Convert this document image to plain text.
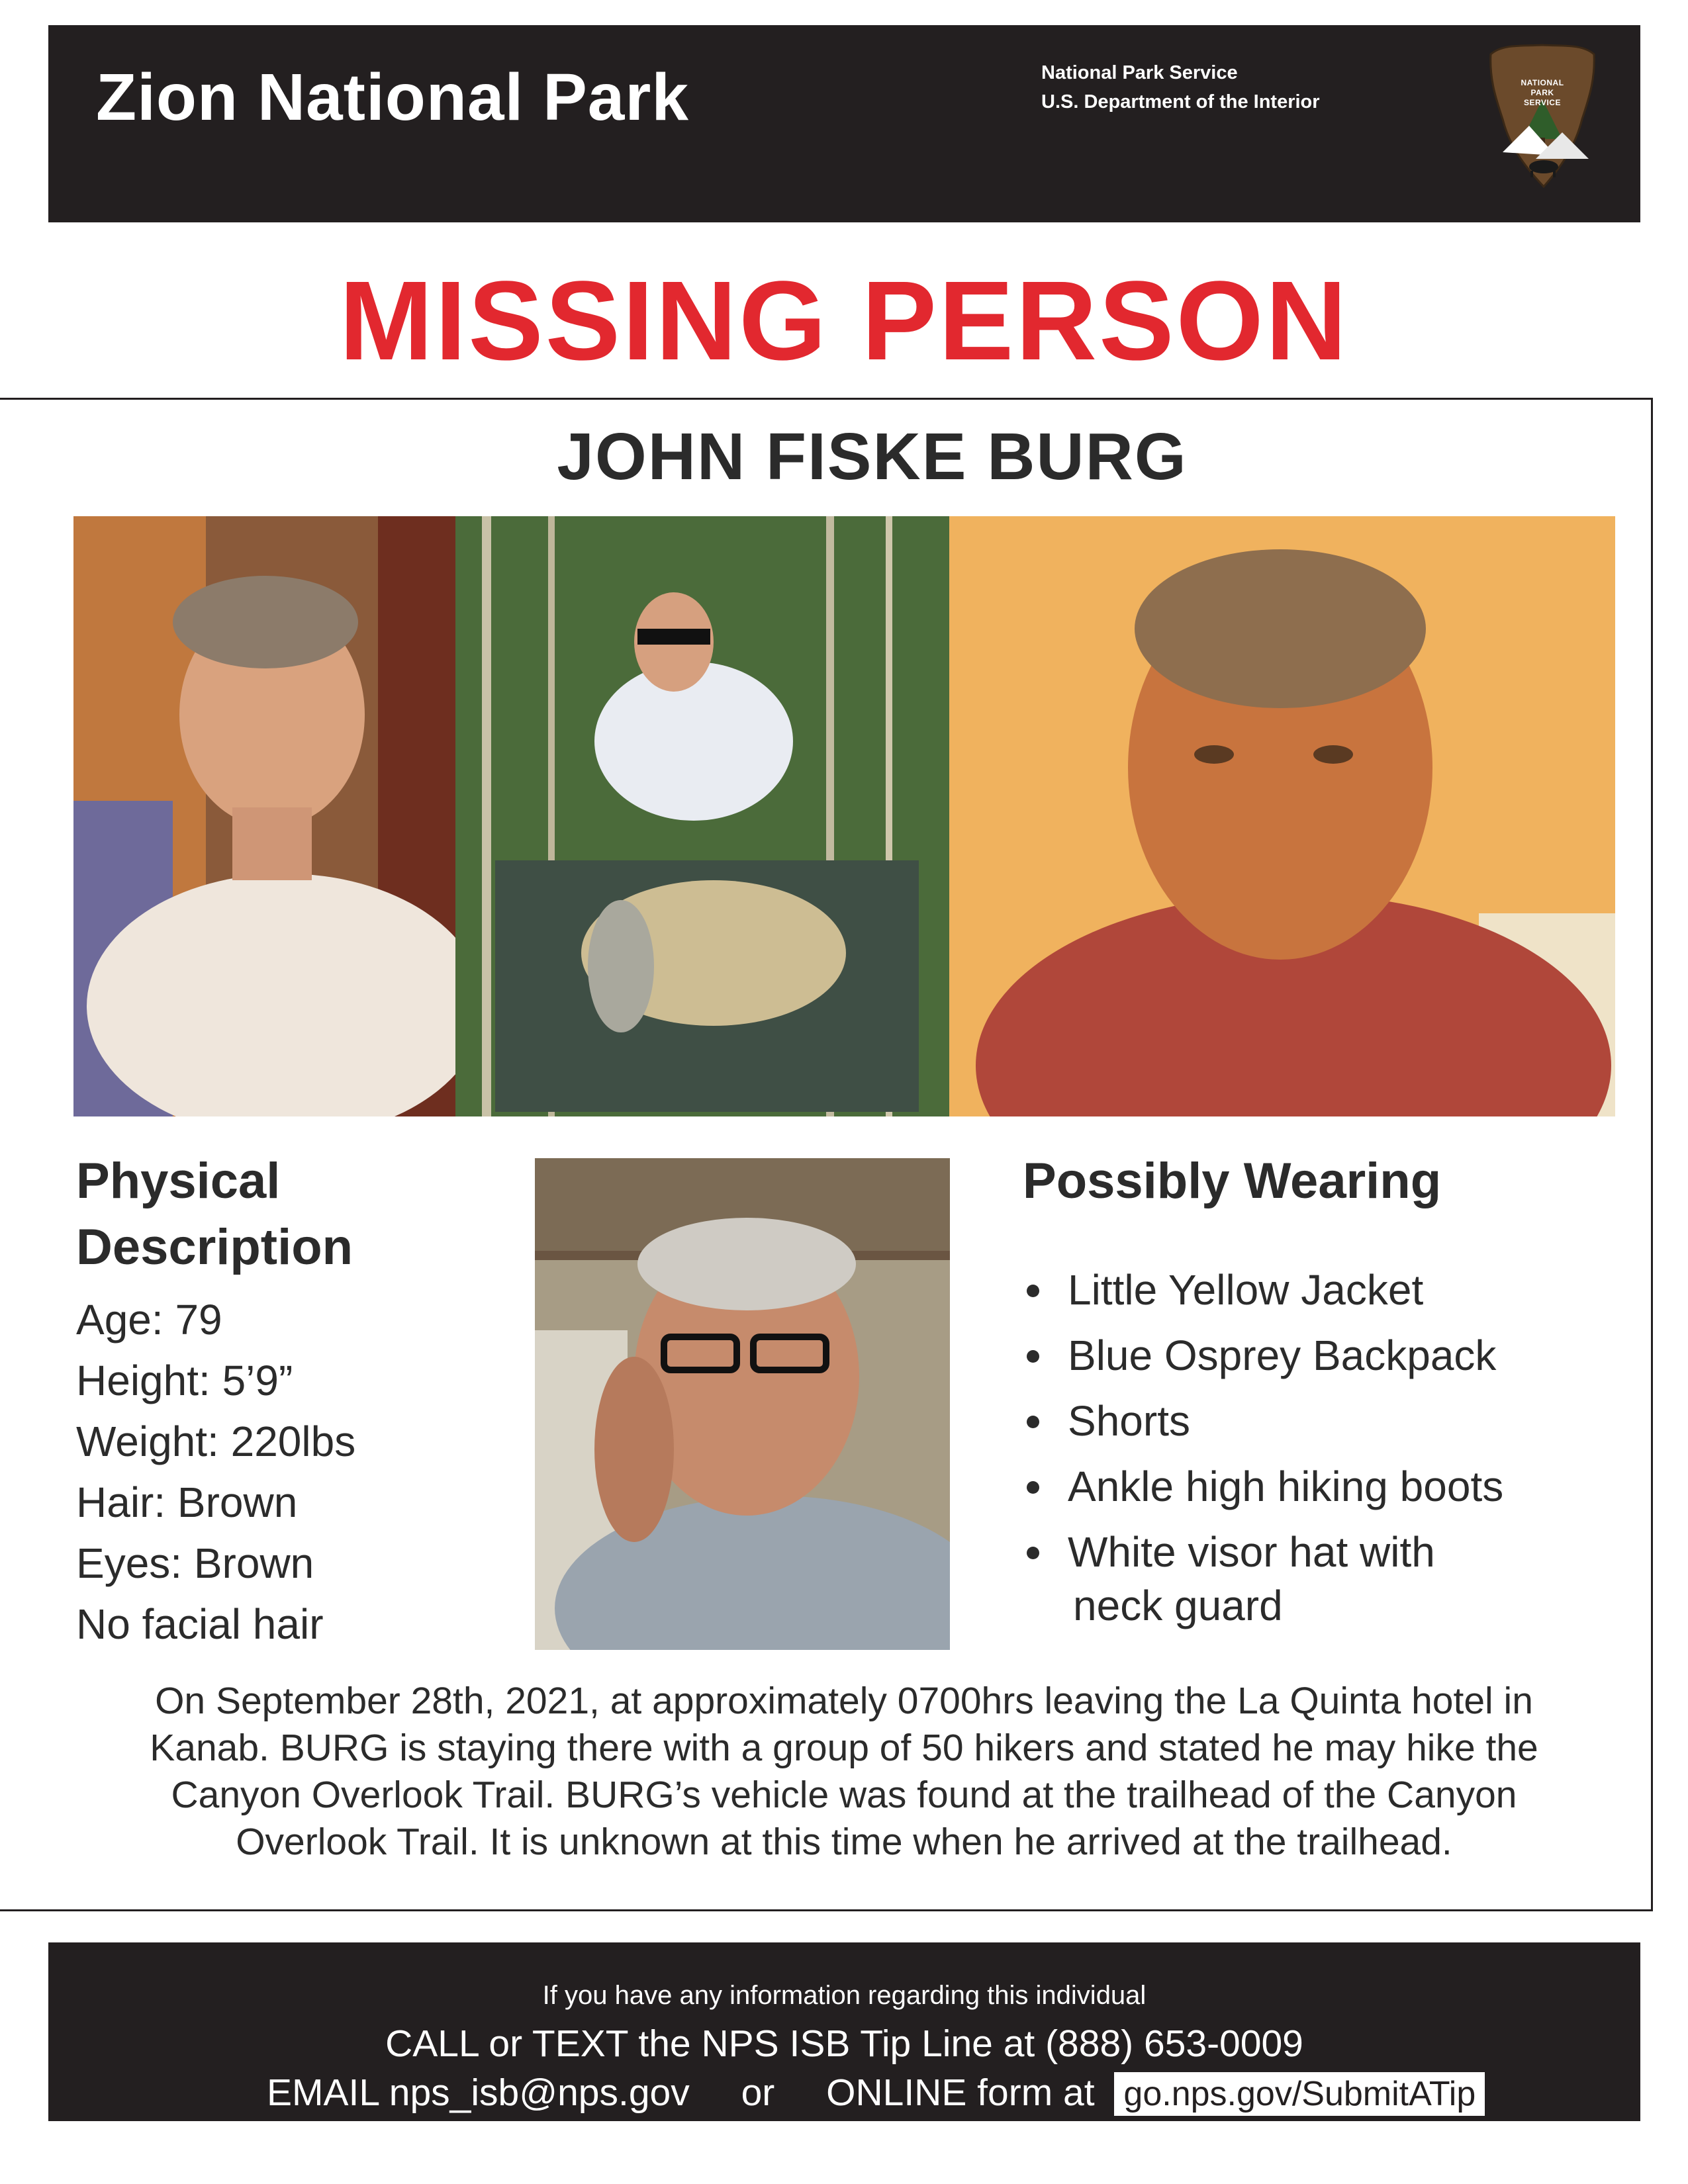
Zion National Park	National Park Service
U.S. Department of the Interior
NATIONAL
PARK
SERVICE
MISSING PERSON
JOHN FISKE BURG
Physical
Description
Age: 79
Height: 5’9”
Weight: 220lbs
Hair: Brown
Eyes: Brown
No facial hair
Possibly Wearing
Little Yellow Jacket
Blue Osprey Backpack
Shorts
Ankle high hiking boots
White visor hat with
neck guard
On September 28th, 2021, at approximately 0700hrs leaving the La Quinta hotel in
Kanab. BURG is staying there with a group of 50 hikers and stated he may hike the
Canyon Overlook Trail. BURG’s vehicle was found at the trailhead of the Canyon
Overlook Trail. It is unknown at this time when he arrived at the trailhead.
If you have any information regarding this individual
CALL or TEXT the NPS ISB Tip Line at (888) 653-0009
EMAIL nps_isb@nps.gov or ONLINE form at go.nps.gov/SubmitATip
